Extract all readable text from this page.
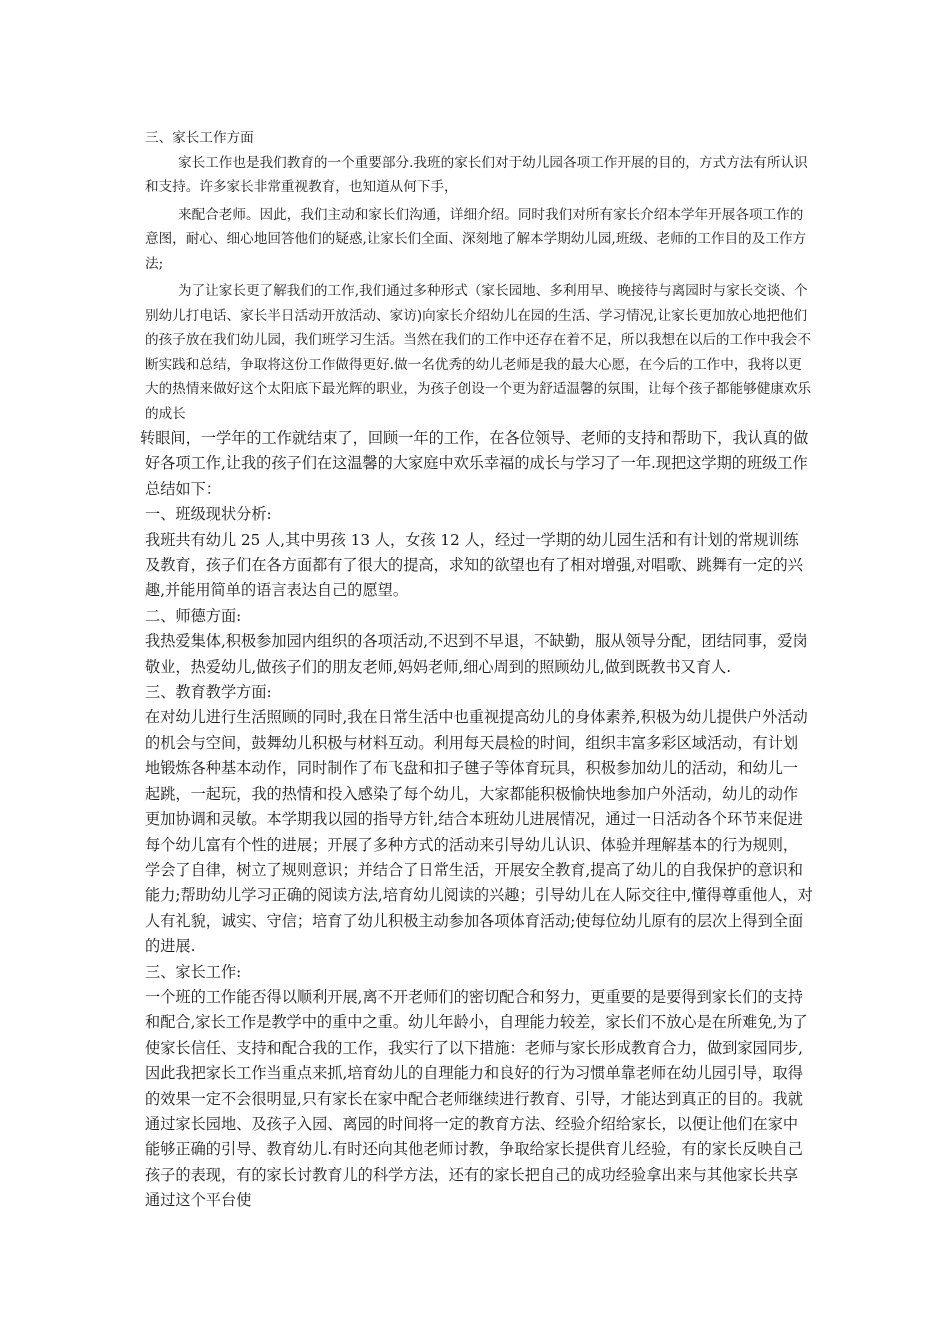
三、家长工作方面

家长工作也是我们教育的一个重要部分.我班的家长们对于幼儿园各项工作开展的目的，方式方法有所认识和支持。许多家长非常重视教育，也知道从何下手，

来配合老师。因此，我们主动和家长们沟通，详细介绍。同时我们对所有家长介绍本学年开展各项工作的意图，耐心、细心地回答他们的疑惑,让家长们全面、深刻地了解本学期幼儿园,班级、老师的工作目的及工作方法;

为了让家长更了解我们的工作,我们通过多种形式（家长园地、多利用早、晚接待与离园时与家长交谈、个别幼儿打电话、家长半日活动开放活动、家访)向家长介绍幼儿在园的生活、学习情况,让家长更加放心地把他们的孩子放在我们幼儿园，我们班学习生活。当然在我们的工作中还存在着不足，所以我想在以后的工作中我会不断实践和总结，争取将这份工作做得更好.做一名优秀的幼儿老师是我的最大心愿，在今后的工作中，我将以更大的热情来做好这个太阳底下最光辉的职业，为孩子创设一个更为舒适温馨的氛围，让每个孩子都能够健康欢乐的成长

转眼间，一学年的工作就结束了，回顾一年的工作，在各位领导、老师的支持和帮助下，我认真的做好各项工作,让我的孩子们在这温馨的大家庭中欢乐幸福的成长与学习了一年.现把这学期的班级工作总结如下：

一、班级现状分析:

我班共有幼儿 25 人,其中男孩 13 人，女孩 12 人，经过一学期的幼儿园生活和有计划的常规训练及教育，孩子们在各方面都有了很大的提高，求知的欲望也有了相对增强,对唱歌、跳舞有一定的兴趣,并能用简单的语言表达自己的愿望。

二、师德方面:

我热爱集体,积极参加园内组织的各项活动,不迟到不早退，不缺勤，服从领导分配，团结同事，爱岗敬业，热爱幼儿,做孩子们的朋友老师,妈妈老师,细心周到的照顾幼儿,做到既教书又育人.

三、教育教学方面:

在对幼儿进行生活照顾的同时,我在日常生活中也重视提高幼儿的身体素养,积极为幼儿提供户外活动的机会与空间，鼓舞幼儿积极与材料互动。利用每天晨检的时间，组织丰富多彩区域活动，有计划地锻炼各种基本动作，同时制作了布飞盘和扣子毽子等体育玩具，积极参加幼儿的活动，和幼儿一起跳，一起玩，我的热情和投入感染了每个幼儿，大家都能积极愉快地参加户外活动，幼儿的动作更加协调和灵敏。本学期我以园的指导方针,结合本班幼儿进展情况，通过一日活动各个环节来促进每个幼儿富有个性的进展；开展了多种方式的活动来引导幼儿认识、体验并理解基本的行为规则，学会了自律，树立了规则意识；并结合了日常生活，开展安全教育,提高了幼儿的自我保护的意识和能力;帮助幼儿学习正确的阅读方法,培育幼儿阅读的兴趣；引导幼儿在人际交往中,懂得尊重他人，对人有礼貌，诚实、守信；培育了幼儿积极主动参加各项体育活动;使每位幼儿原有的层次上得到全面的进展.

三、家长工作:

一个班的工作能否得以顺利开展,离不开老师们的密切配合和努力，更重要的是要得到家长们的支持和配合,家长工作是教学中的重中之重。幼儿年龄小，自理能力较差，家长们不放心是在所难免,为了使家长信任、支持和配合我的工作，我实行了以下措施：老师与家长形成教育合力，做到家园同步,因此我把家长工作当重点来抓,培育幼儿的自理能力和良好的行为习惯单靠老师在幼儿园引导，取得的效果一定不会很明显,只有家长在家中配合老师继续进行教育、引导，才能达到真正的目的。我就通过家长园地、及孩子入园、离园的时间将一定的教育方法、经验介绍给家长，以便让他们在家中能够正确的引导、教育幼儿.有时还向其他老师讨教，争取给家长提供育儿经验，有的家长反映自己孩子的表现，有的家长讨教育儿的科学方法，还有的家长把自己的成功经验拿出来与其他家长共享通过这个平台使
